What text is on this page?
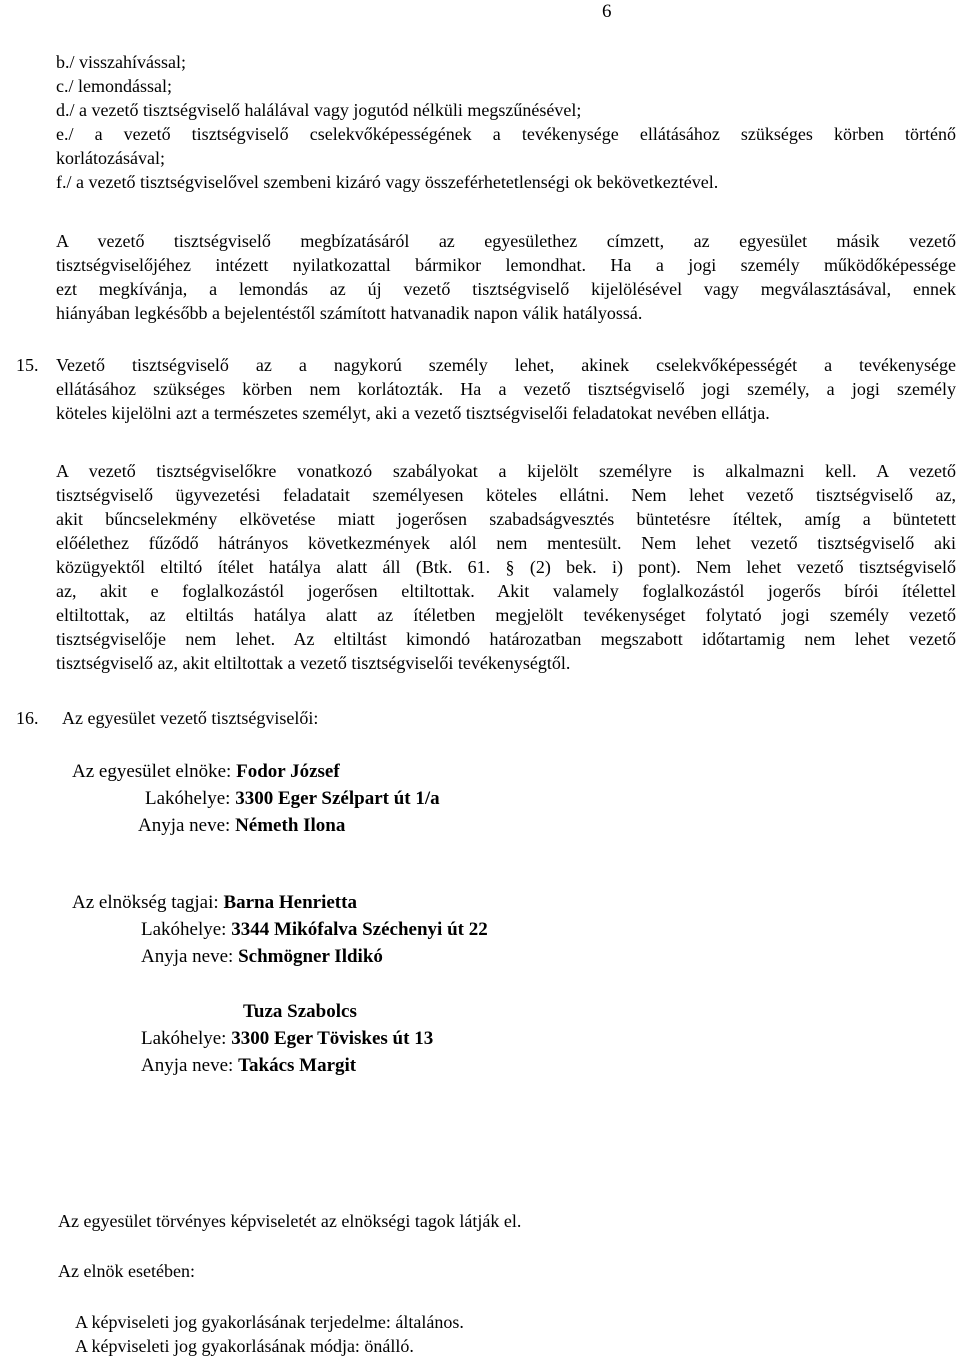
6
b./ visszahívással;
c./ lemondással;
d./ a vezető tisztségviselő halálával vagy jogutód nélküli megszűnésével;
e./ a vezető tisztségviselő cselekvőképességének a tevékenysége ellátásához szükséges körben történő
korlátozásával;
f./ a vezető tisztségviselővel szembeni kizáró vagy összeférhetetlenségi ok bekövetkeztével.
A vezető tisztségviselő megbízatásáról az egyesülethez címzett, az egyesület másik vezető
tisztségviselőjéhez intézett nyilatkozattal bármikor lemondhat. Ha a jogi személy működőképessége
ezt megkívánja, a lemondás az új vezető tisztségviselő kijelölésével vagy megválasztásával, ennek
hiányában legkésőbb a bejelentéstől számított hatvanadik napon válik hatályossá.
15. Vezető tisztségviselő az a nagykorú személy lehet, akinek cselekvőképességét a tevékenysége
ellátásához szükséges körben nem korlátozták. Ha a vezető tisztségviselő jogi személy, a jogi személy
köteles kijelölni azt a természetes személyt, aki a vezető tisztségviselői feladatokat nevében ellátja.
A vezető tisztségviselőkre vonatkozó szabályokat a kijelölt személyre is alkalmazni kell. A vezető
tisztségviselő ügyvezetési feladatait személyesen köteles ellátni. Nem lehet vezető tisztségviselő az,
akit bűncselekmény elkövetése miatt jogerősen szabadságvesztés büntetésre ítéltek, amíg a büntetett
előélethez fűződő hátrányos következmények alól nem mentesült. Nem lehet vezető tisztségviselő aki
közügyektől eltiltó ítélet hatálya alatt áll (Btk. 61. § (2) bek. i) pont). Nem lehet vezető tisztségviselő
az, akit e foglalkozástól jogerősen eltiltottak. Akit valamely foglalkozástól jogerős bírói ítélettel
eltiltottak, az eltiltás hatálya alatt az ítéletben megjelölt tevékenységet folytató jogi személy vezető
tisztségviselője nem lehet. Az eltiltást kimondó határozatban megszabott időtartamig nem lehet vezető
tisztségviselő az, akit eltiltottak a vezető tisztségviselői tevékenységtől.
16. Az egyesület vezető tisztségviselői:
Az egyesület elnöke: Fodor József
Lakóhelye: 3300 Eger Szélpart út 1/a
Anyja neve: Németh Ilona
Az elnökség tagjai: Barna Henrietta
Lakóhelye: 3344 Mikófalva Széchenyi út 22
Anyja neve: Schmögner Ildikó
Tuza Szabolcs
Lakóhelye: 3300 Eger Töviskes út 13
Anyja neve: Takács Margit
Az egyesület törvényes képviseletét az elnökségi tagok látják el.
Az elnök esetében:
A képviseleti jog gyakorlásának terjedelme: általános.
A képviseleti jog gyakorlásának módja: önálló.
